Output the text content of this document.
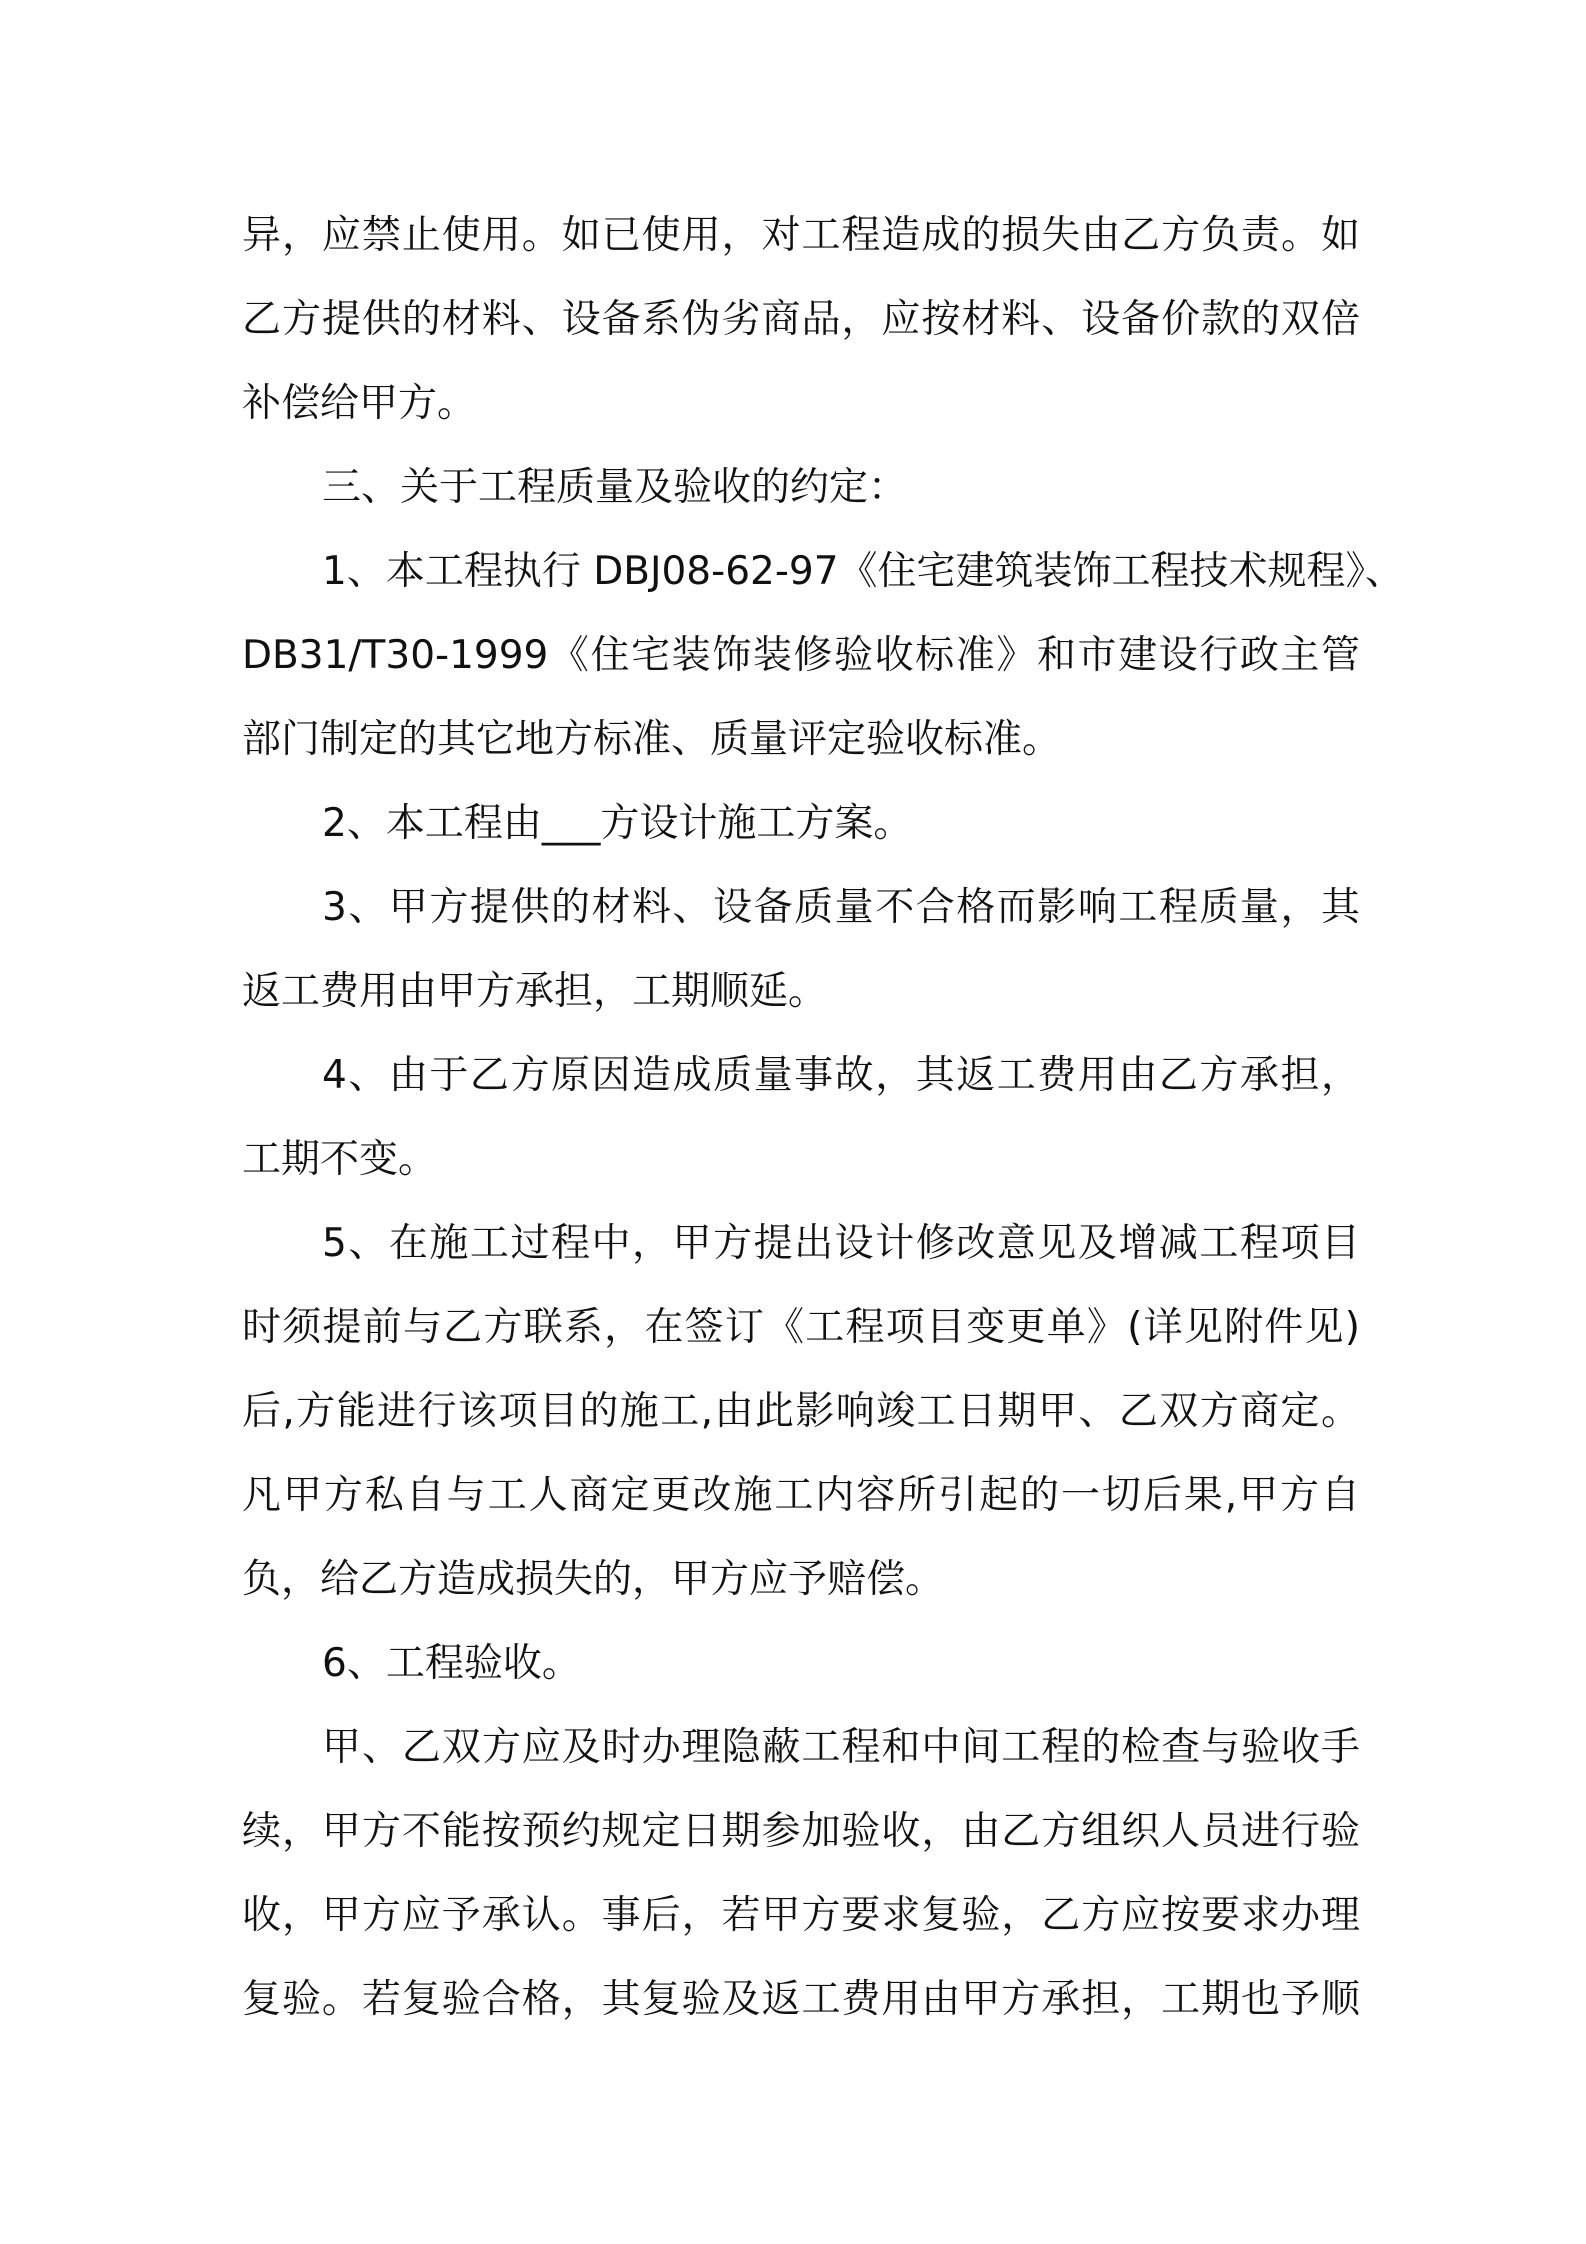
异，应禁止使用。如已使用，对工程造成的损失由乙方负责。如
乙方提供的材料、设备系伪劣商品，应按材料、设备价款的双倍
补偿给甲方。
三、关于工程质量及验收的约定：
1、本工程执行 DBJ08-62-97《住宅建筑装饰工程技术规程》、
DB31/T30-1999《住宅装饰装修验收标准》和市建设行政主管
部门制定的其它地方标准、质量评定验收标准。
2、本工程由___方设计施工方案。
3、甲方提供的材料、设备质量不合格而影响工程质量，其
返工费用由甲方承担，工期顺延。
4、由于乙方原因造成质量事故，其返工费用由乙方承担，
工期不变。
5、在施工过程中，甲方提出设计修改意见及增减工程项目
时须提前与乙方联系，在签订《工程项目变更单》(详见附件见)
后,方能进行该项目的施工,由此影响竣工日期甲、乙双方商定。
凡甲方私自与工人商定更改施工内容所引起的一切后果,甲方自
负，给乙方造成损失的，甲方应予赔偿。
6、工程验收。
甲、乙双方应及时办理隐蔽工程和中间工程的检查与验收手
续，甲方不能按预约规定日期参加验收，由乙方组织人员进行验
收，甲方应予承认。事后，若甲方要求复验，乙方应按要求办理
复验。若复验合格，其复验及返工费用由甲方承担，工期也予顺
